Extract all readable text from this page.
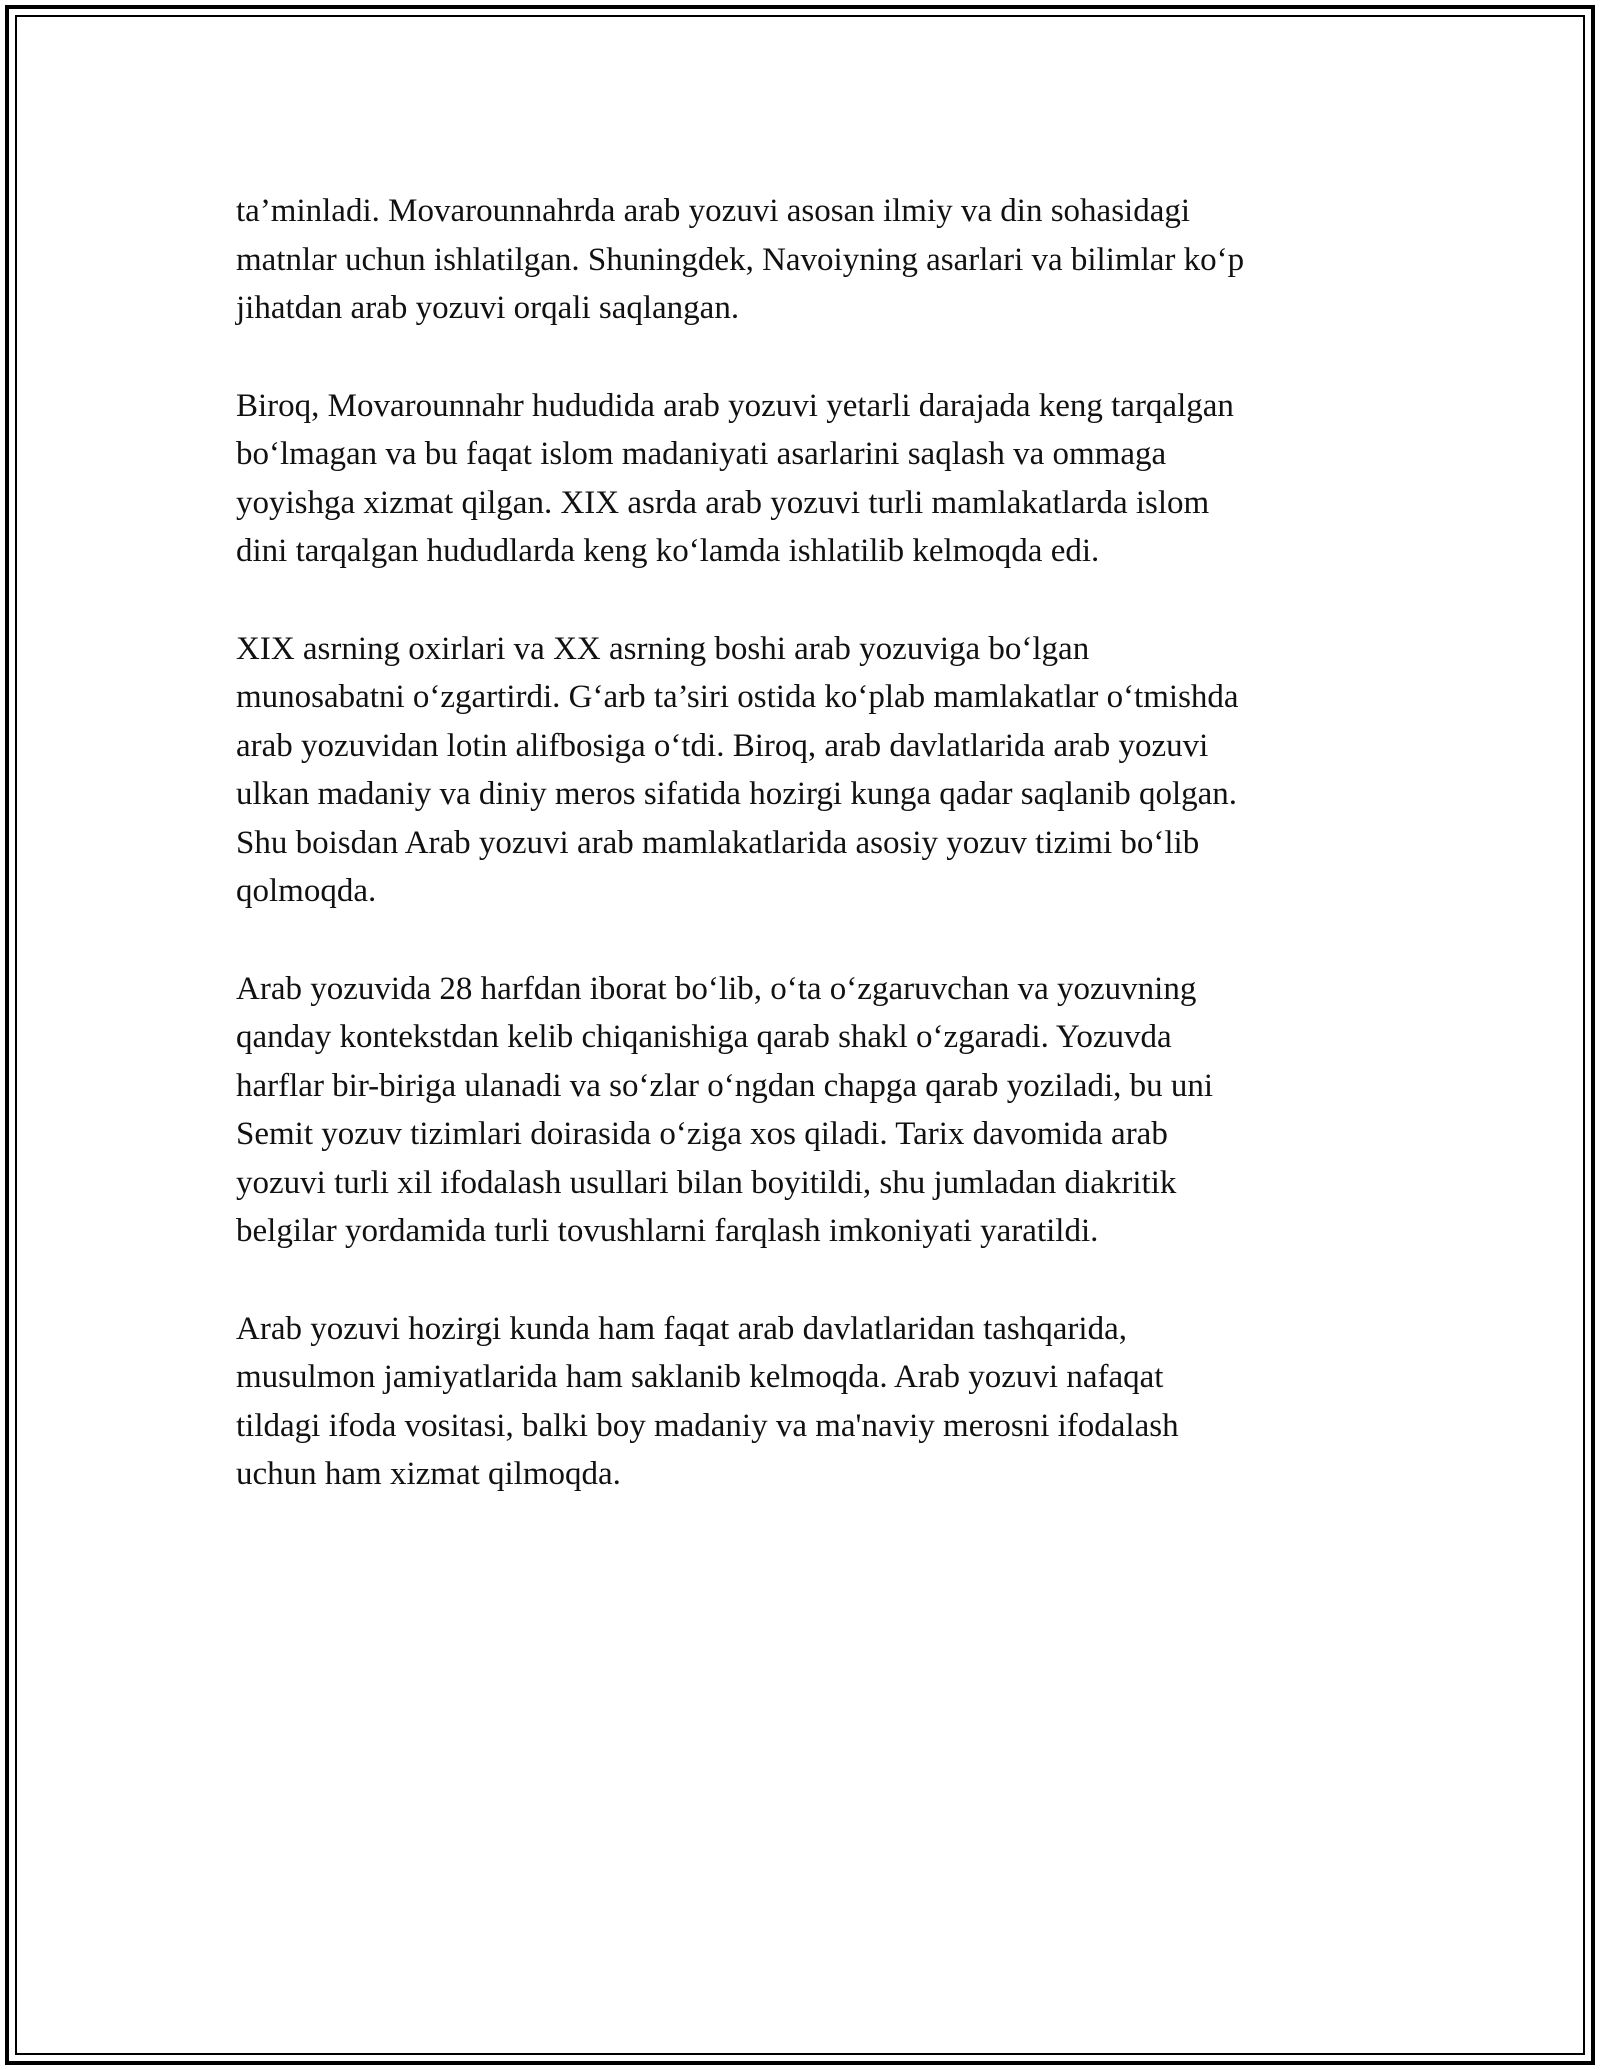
ta’minladi. Movarounnahrda arab yozuvi asosan ilmiy va din sohasidagi
matnlar uchun ishlatilgan. Shuningdek, Navoiyning asarlari va bilimlar ko‘p
jihatdan arab yozuvi orqali saqlangan.

Biroq, Movarounnahr hududida arab yozuvi yetarli darajada keng tarqalgan
bo‘lmagan va bu faqat islom madaniyati asarlarini saqlash va ommaga
yoyishga xizmat qilgan. XIX asrda arab yozuvi turli mamlakatlarda islom
dini tarqalgan hududlarda keng ko‘lamda ishlatilib kelmoqda edi.

XIX asrning oxirlari va XX asrning boshi arab yozuviga bo‘lgan
munosabatni o‘zgartirdi. G‘arb ta’siri ostida ko‘plab mamlakatlar o‘tmishda
arab yozuvidan lotin alifbosiga o‘tdi. Biroq, arab davlatlarida arab yozuvi
ulkan madaniy va diniy meros sifatida hozirgi kunga qadar saqlanib qolgan.
Shu boisdan Arab yozuvi arab mamlakatlarida asosiy yozuv tizimi bo‘lib
qolmoqda.

Arab yozuvida 28 harfdan iborat bo‘lib, o‘ta o‘zgaruvchan va yozuvning
qanday kontekstdan kelib chiqanishiga qarab shakl o‘zgaradi. Yozuvda
harflar bir-biriga ulanadi va so‘zlar o‘ngdan chapga qarab yoziladi, bu uni
Semit yozuv tizimlari doirasida o‘ziga xos qiladi. Tarix davomida arab
yozuvi turli xil ifodalash usullari bilan boyitildi, shu jumladan diakritik
belgilar yordamida turli tovushlarni farqlash imkoniyati yaratildi.

Arab yozuvi hozirgi kunda ham faqat arab davlatlaridan tashqarida,
musulmon jamiyatlarida ham saklanib kelmoqda. Arab yozuvi nafaqat
tildagi ifoda vositasi, balki boy madaniy va ma'naviy merosni ifodalash
uchun ham xizmat qilmoqda.
